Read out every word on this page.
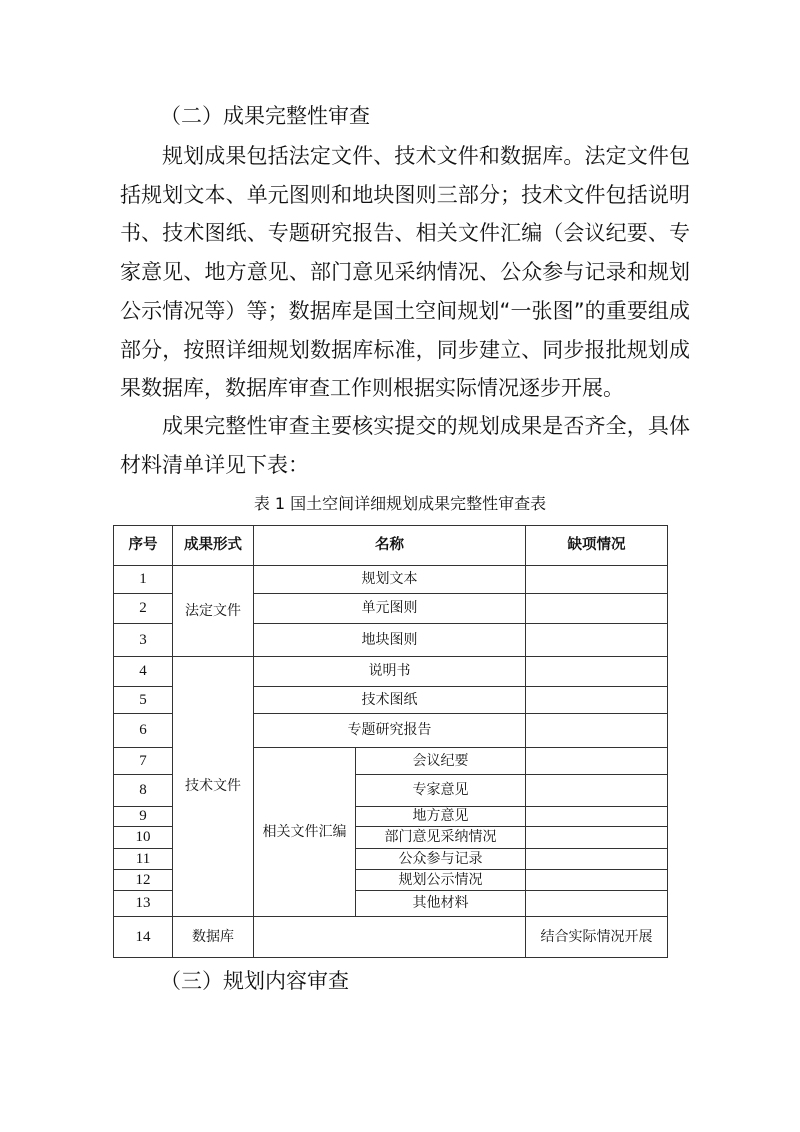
（二）成果完整性审查

规划成果包括法定文件、技术文件和数据库。法定文件包括规划文本、单元图则和地块图则三部分；技术文件包括说明书、技术图纸、专题研究报告、相关文件汇编（会议纪要、专家意见、地方意见、部门意见采纳情况、公众参与记录和规划公示情况等）等；数据库是国土空间规划“一张图”的重要组成部分，按照详细规划数据库标准，同步建立、同步报批规划成果数据库，数据库审查工作则根据实际情况逐步开展。

成果完整性审查主要核实提交的规划成果是否齐全，具体材料清单详见下表：

表 1 国土空间详细规划成果完整性审查表
序号	成果形式	名称		缺项情况
1	法定文件	规划文本		
2		单元图则		
3		地块图则		
4	技术文件	说明书		
5		技术图纸		
6		专题研究报告		
7		相关文件汇编	会议纪要	
8			专家意见	
9			地方意见	
10			部门意见采纳情况	
11			公众参与记录	
12			规划公示情况	
13			其他材料	
14	数据库			结合实际情况开展
（三）规划内容审查
